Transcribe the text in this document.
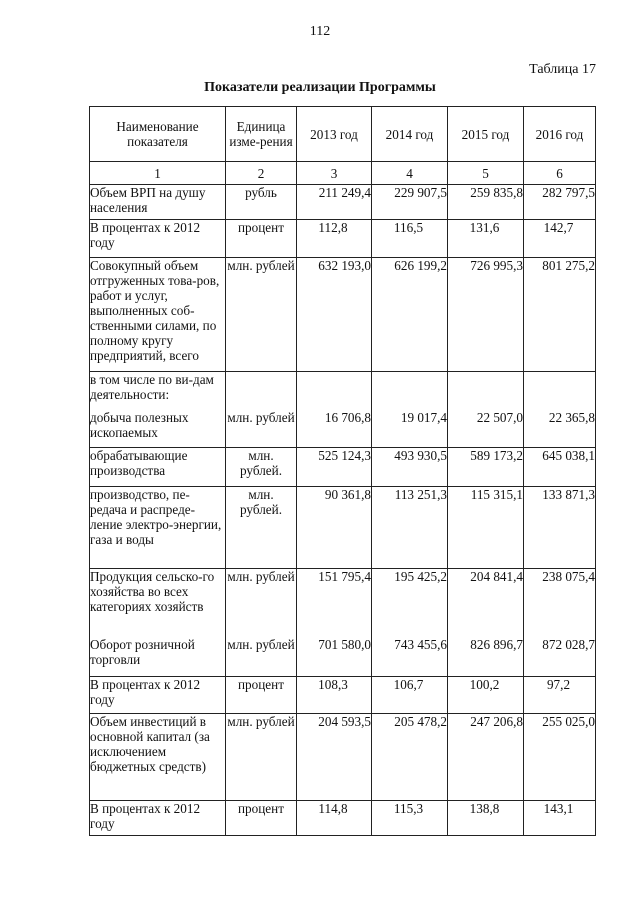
112
Таблица 17
Показатели реализации Программы
Наименование показателя	Единица изме-рения	2013 год	2014 год	2015 год	2016 год
1	2	3	4	5	6
Объем ВРП на душу населения	рубль	211 249,4	229 907,5	259 835,8	282 797,5
В процентах к 2012 году	процент	112,8	116,5	131,6	142,7
Совокупный объем отгруженных това-ров, работ и услуг, выполненных соб-ственными силами, по полному кругу предприятий, всего	млн. рублей	632 193,0	626 199,2	726 995,3	801 275,2
в том числе по ви-дам деятельности:					
добыча полезных ископаемых	млн. рублей	16 706,8	19 017,4	22 507,0	22 365,8
обрабатывающие производства	млн. рублей.	525 124,3	493 930,5	589 173,2	645 038,1
производство, пе-редача и распреде-ление электро-энергии, газа и воды	млн. рублей.	90 361,8	113 251,3	115 315,1	133 871,3
Продукция сельско-го хозяйства во всех категориях хозяйств	млн. рублей	151 795,4	195 425,2	204 841,4	238 075,4
Оборот розничной торговли	млн. рублей	701 580,0	743 455,6	826 896,7	872 028,7
В процентах к 2012 году	процент	108,3	106,7	100,2	97,2
Объем инвестиций в основной капитал (за исключением бюджетных средств)	млн. рублей	204 593,5	205 478,2	247 206,8	255 025,0
В процентах к 2012 году	процент	114,8	115,3	138,8	143,1
